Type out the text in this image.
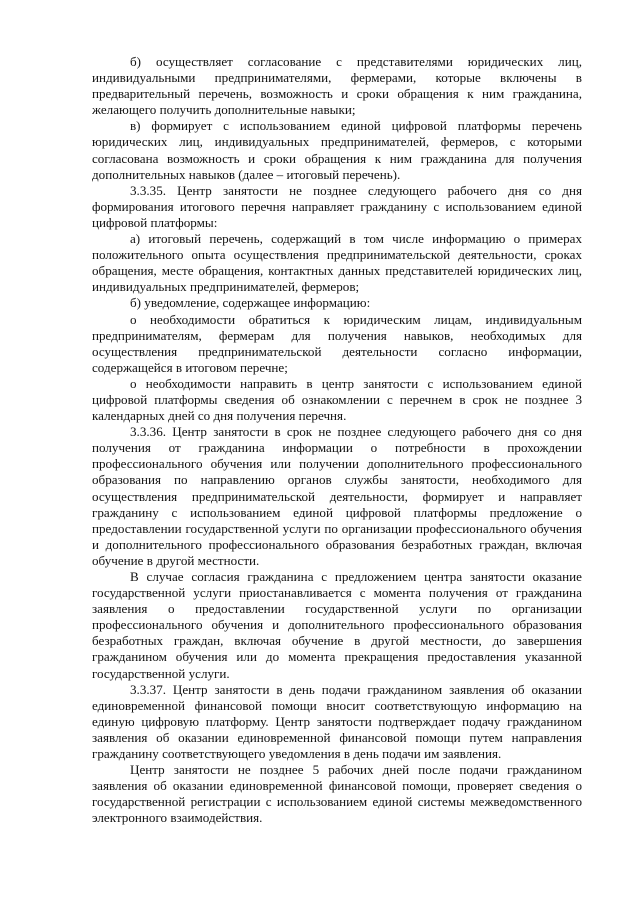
б) осуществляет согласование с представителями юридических лиц, индивидуальными предпринимателями, фермерами, которые включены в предварительный перечень, возможность и сроки обращения к ним гражданина, желающего получить дополнительные навыки;

в) формирует с использованием единой цифровой платформы перечень юридических лиц, индивидуальных предпринимателей, фермеров, с которыми согласована возможность и сроки обращения к ним гражданина для получения дополнительных навыков (далее – итоговый перечень).

3.3.35. Центр занятости не позднее следующего рабочего дня со дня формирования итогового перечня направляет гражданину с использованием единой цифровой платформы:

а) итоговый перечень, содержащий в том числе информацию о примерах положительного опыта осуществления предпринимательской деятельности, сроках обращения, месте обращения, контактных данных представителей юридических лиц, индивидуальных предпринимателей, фермеров;

б) уведомление, содержащее информацию:

о необходимости обратиться к юридическим лицам, индивидуальным предпринимателям, фермерам для получения навыков, необходимых для осуществления предпринимательской деятельности согласно информации, содержащейся в итоговом перечне;

о необходимости направить в центр занятости с использованием единой цифровой платформы сведения об ознакомлении с перечнем в срок не позднее 3 календарных дней со дня получения перечня.

3.3.36. Центр занятости в срок не позднее следующего рабочего дня со дня получения от гражданина информации о потребности в прохождении профессионального обучения или получении дополнительного профессионального образования по направлению органов службы занятости, необходимого для осуществления предпринимательской деятельности, формирует и направляет гражданину с использованием единой цифровой платформы предложение о предоставлении государственной услуги по организации профессионального обучения и дополнительного профессионального образования безработных граждан, включая обучение в другой местности.

В случае согласия гражданина с предложением центра занятости оказание государственной услуги приостанавливается с момента получения от гражданина заявления о предоставлении государственной услуги по организации профессионального обучения и дополнительного профессионального образования безработных граждан, включая обучение в другой местности, до завершения гражданином обучения или до момента прекращения предоставления указанной государственной услуги.

3.3.37. Центр занятости в день подачи гражданином заявления об оказании единовременной финансовой помощи вносит соответствующую информацию на единую цифровую платформу. Центр занятости подтверждает подачу гражданином заявления об оказании единовременной финансовой помощи путем направления гражданину соответствующего уведомления в день подачи им заявления.

Центр занятости не позднее 5 рабочих дней после подачи гражданином заявления об оказании единовременной финансовой помощи, проверяет сведения о государственной регистрации с использованием единой системы межведомственного электронного взаимодействия.
